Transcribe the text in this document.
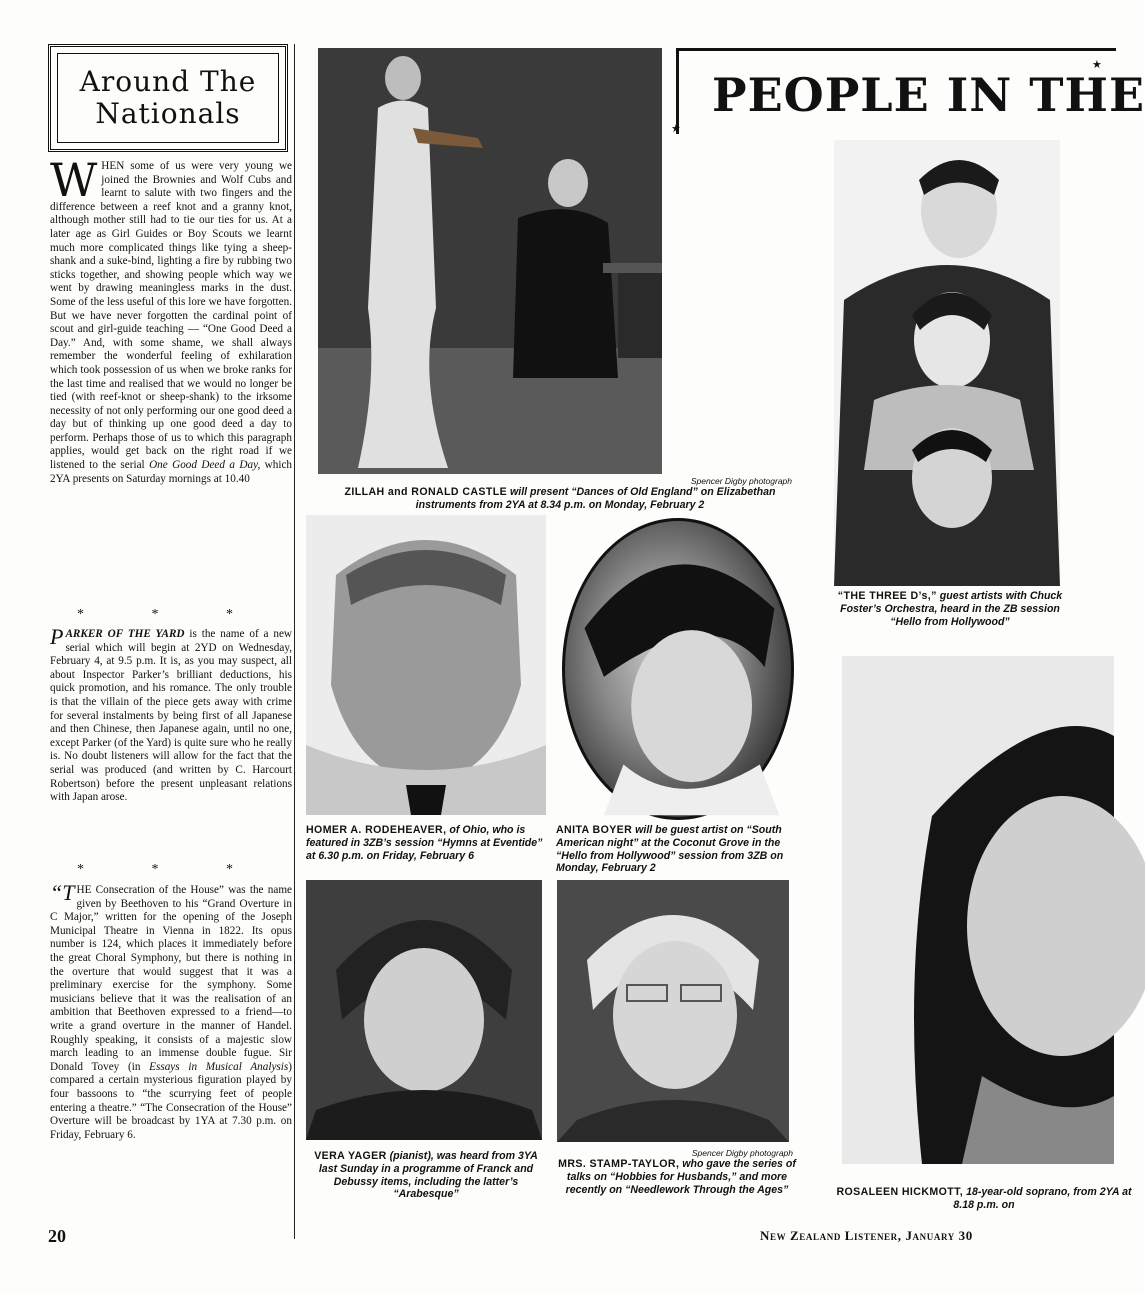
Around The
Nationals

W HEN some of us were very young we joined the Brownies and Wolf Cubs and learnt to salute with two fingers and the difference between a reef knot and a granny knot, although mother still had to tie our ties for us. At a later age as Girl Guides or Boy Scouts we learnt much more complicated things like tying a sheep-shank and a suke-bind, lighting a fire by rubbing two sticks together, and showing people which way we went by drawing meaningless marks in the dust. Some of the less useful of this lore we have forgotten. But we have never forgotten the cardinal point of scout and girl-guide teaching — “One Good Deed a Day.” And, with some shame, we shall always remember the wonderful feeling of exhilaration which took possession of us when we broke ranks for the last time and realised that we would no longer be tied (with reef-knot or sheep-shank) to the irksome necessity of not only performing our one good deed a day but of thinking up one good deed a day to perform. Perhaps those of us to which this paragraph applies, would get back on the right road if we listened to the serial One Good Deed a Day, which 2YA presents on Saturday mornings at 10.40

* * *

PARKER OF THE YARD is the name of a new serial which will begin at 2YD on Wednesday, February 4, at 9.5 p.m. It is, as you may suspect, all about Inspector Parker’s brilliant deductions, his quick promotion, and his romance. The only trouble is that the villain of the piece gets away with crime for several instalments by being first of all Japanese and then Chinese, then Japanese again, until no one, except Parker (of the Yard) is quite sure who he really is. No doubt listeners will allow for the fact that the serial was produced (and written by C. Harcourt Robertson) before the present unpleasant relations with Japan arose.

* * *

“THE Consecration of the House” was the name given by Beethoven to his “Grand Overture in C Major,” written for the opening of the Joseph Municipal Theatre in Vienna in 1822. Its opus number is 124, which places it immediately before the great Choral Symphony, but there is nothing in the overture that would suggest that it was a preliminary exercise for the symphony. Some musicians believe that it was the realisation of an ambition that Beethoven expressed to a friend—to write a grand overture in the manner of Handel. Roughly speaking, it consists of a majestic slow march leading to an immense double fugue. Sir Donald Tovey (in Essays in Musical Analysis) compared a certain mysterious figuration played by four bassoons to “the scurrying feet of people entering a theatre.” “The Consecration of the House” Overture will be broadcast by 1YA at 7.30 p.m. on Friday, February 6.

★
★
PEOPLE IN THE
Spencer Digby photograph
ZILLAH and RONALD CASTLE will present “Dances of Old England” on Elizabethan instruments from 2YA at 8.34 p.m. on Monday, February 2
“THE THREE D’s,” guest artists with Chuck Foster’s Orchestra, heard in the ZB session “Hello from Hollywood”
HOMER A. RODEHEAVER, of Ohio, who is featured in 3ZB’s session “Hymns at Eventide” at 6.30 p.m. on Friday, February 6
ANITA BOYER will be guest artist on “South American night” at the Coconut Grove in the “Hello from Hollywood” session from 3ZB on Monday, February 2
VERA YAGER (pianist), was heard from 3YA last Sunday in a programme of Franck and Debussy items, including the latter’s “Arabesque”
Spencer Digby photograph
MRS. STAMP-TAYLOR, who gave the series of talks on “Hobbies for Husbands,” and more recently on “Needlework Through the Ages”	ROSALEEN HICKMOTT, 18-year-old soprano, from 2YA at 8.18 p.m. on
20	New Zealand Listener, January 30
